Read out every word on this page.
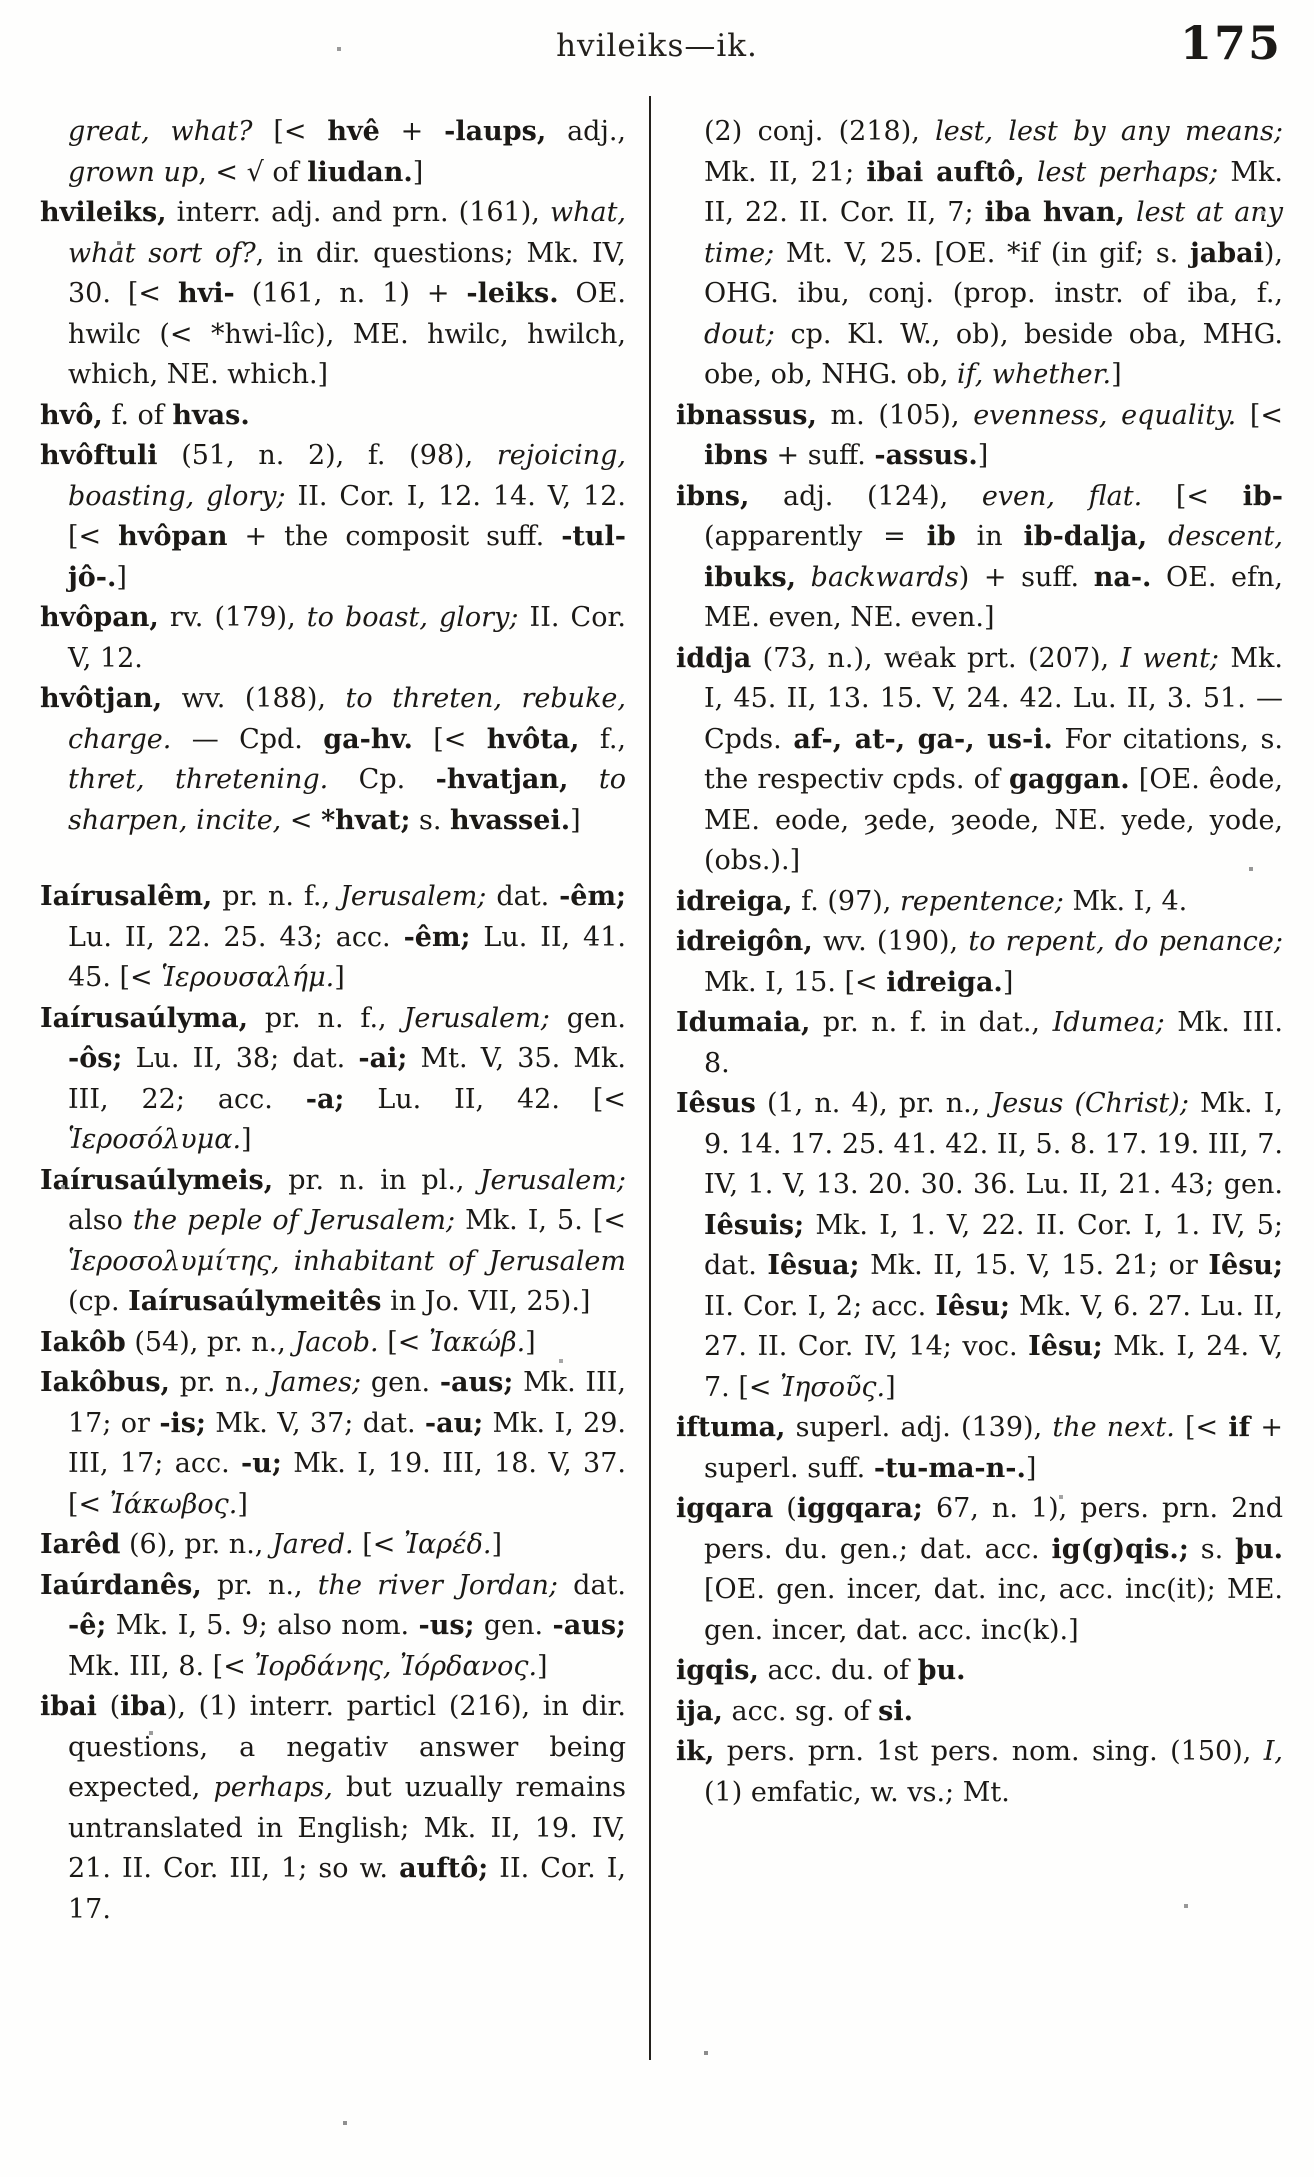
hvileiks—ik.	175

great, what? [< hvê + -laups, adj., grown up, < √ of liudan.]

hvileiks, interr. adj. and prn. (161), what, what sort of?, in dir. questions; Mk. IV, 30. [< hvi- (161, n. 1) + -leiks. OE. hwilc (< *hwi-lîc), ME. hwilc, hwilch, which, NE. which.]

hvô, f. of hvas.

hvôftuli (51, n. 2), f. (98), rejoicing, boasting, glory; II. Cor. I, 12. 14. V, 12. [< hvôpan + the composit suff. -tul-jô-.]

hvôpan, rv. (179), to boast, glory; II. Cor. V, 12.

hvôtjan, wv. (188), to threten, rebuke, charge. — Cpd. ga-hv. [< hvôta, f., thret, thretening. Cp. -hvatjan, to sharpen, incite, < *hvat; s. hvassei.]

Iaírusalêm, pr. n. f., Jerusalem; dat. -êm; Lu. II, 22. 25. 43; acc. -êm; Lu. II, 41. 45. [< Ἱερουσαλήμ.]

Iaírusaúlyma, pr. n. f., Jerusalem; gen. -ôs; Lu. II, 38; dat. -ai; Mt. V, 35. Mk. III, 22; acc. -a; Lu. II, 42. [< Ἱεροσόλυμα.]

Iaírusaúlymeis, pr. n. in pl., Jerusalem; also the peple of Jerusalem; Mk. I, 5. [< Ἱεροσολυμίτης, inhabitant of Jerusalem (cp. Iaírusaúlymeitês in Jo. VII, 25).]

Iakôb (54), pr. n., Jacob. [< Ἰακώβ.]

Iakôbus, pr. n., James; gen. -aus; Mk. III, 17; or -is; Mk. V, 37; dat. -au; Mk. I, 29. III, 17; acc. -u; Mk. I, 19. III, 18. V, 37. [< Ἰάκωβος.]

Iarêd (6), pr. n., Jared. [< Ἰαρέδ.]

Iaúrdanês, pr. n., the river Jordan; dat. -ê; Mk. I, 5. 9; also nom. -us; gen. -aus; Mk. III, 8. [< Ἰορδάνης, Ἰόρδανος.]

ibai (iba), (1) interr. particl (216), in dir. questions, a negativ answer being expected, perhaps, but uzually remains untranslated in English; Mk. II, 19. IV, 21. II. Cor. III, 1; so w. auftô; II. Cor. I, 17.

(2) conj. (218), lest, lest by any means; Mk. II, 21; ibai auftô, lest perhaps; Mk. II, 22. II. Cor. II, 7; iba hvan, lest at any time; Mt. V, 25. [OE. *if (in gif; s. jabai), OHG. ibu, conj. (prop. instr. of iba, f., dout; cp. Kl. W., ob), beside oba, MHG. obe, ob, NHG. ob, if, whether.]

ibnassus, m. (105), evenness, equality. [< ibns + suff. -assus.]

ibns, adj. (124), even, flat. [< ib- (apparently = ib in ib-dalja, descent, ibuks, backwards) + suff. na-. OE. efn, ME. even, NE. even.]

iddja (73, n.), weak prt. (207), I went; Mk. I, 45. II, 13. 15. V, 24. 42. Lu. II, 3. 51. — Cpds. af-, at-, ga-, us-i. For citations, s. the respectiv cpds. of gaggan. [OE. êode, ME. eode, ȝede, ȝeode, NE. yede, yode, (obs.).]

idreiga, f. (97), repentence; Mk. I, 4.

idreigôn, wv. (190), to repent, do penance; Mk. I, 15. [< idreiga.]

Idumaia, pr. n. f. in dat., Idumea; Mk. III. 8.

Iêsus (1, n. 4), pr. n., Jesus (Christ); Mk. I, 9. 14. 17. 25. 41. 42. II, 5. 8. 17. 19. III, 7. IV, 1. V, 13. 20. 30. 36. Lu. II, 21. 43; gen. Iêsuis; Mk. I, 1. V, 22. II. Cor. I, 1. IV, 5; dat. Iêsua; Mk. II, 15. V, 15. 21; or Iêsu; II. Cor. I, 2; acc. Iêsu; Mk. V, 6. 27. Lu. II, 27. II. Cor. IV, 14; voc. Iêsu; Mk. I, 24. V, 7. [< Ἰησοῦς.]

iftuma, superl. adj. (139), the next. [< if + superl. suff. -tu-ma-n-.]

igqara (iggqara; 67, n. 1), pers. prn. 2nd pers. du. gen.; dat. acc. ig(g)qis.; s. þu. [OE. gen. incer, dat. inc, acc. inc(it); ME. gen. incer, dat. acc. inc(k).]

igqis, acc. du. of þu.

ija, acc. sg. of si.

ik, pers. prn. 1st pers. nom. sing. (150), I, (1) emfatic, w. vs.; Mt.
